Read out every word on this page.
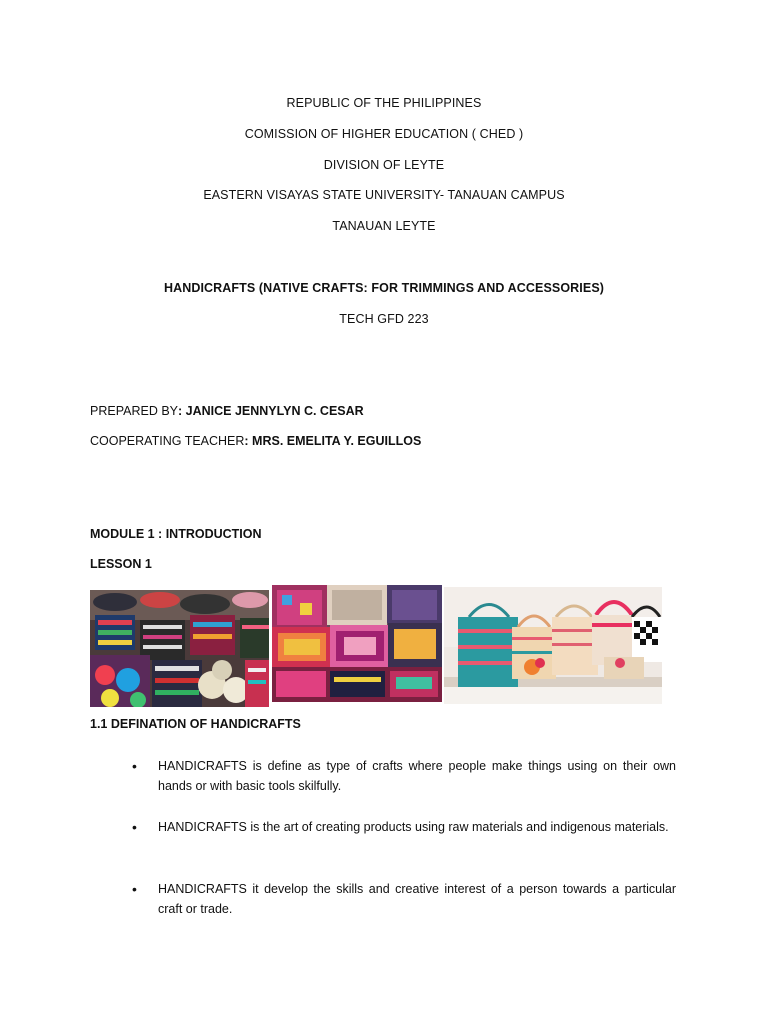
REPUBLIC OF THE PHILIPPINES
COMISSION OF HIGHER EDUCATION ( CHED )
DIVISION OF LEYTE
EASTERN VISAYAS STATE UNIVERSITY- TANAUAN CAMPUS
TANAUAN LEYTE
HANDICRAFTS (NATIVE CRAFTS: FOR TRIMMINGS AND ACCESSORIES)
TECH GFD 223
PREPARED BY: JANICE JENNYLYN C. CESAR
COOPERATING TEACHER: MRS. EMELITA Y. EGUILLOS
MODULE 1 : INTRODUCTION
LESSON 1
1.1 DEFINATION OF HANDICRAFTS
• HANDICRAFTS is define as type of crafts where people make things using on their own hands or with basic tools skilfully.
• HANDICRAFTS is the art of creating products using raw materials and indigenous materials.
• HANDICRAFTS it develop the skills and creative interest of a person towards a particular craft or trade.
